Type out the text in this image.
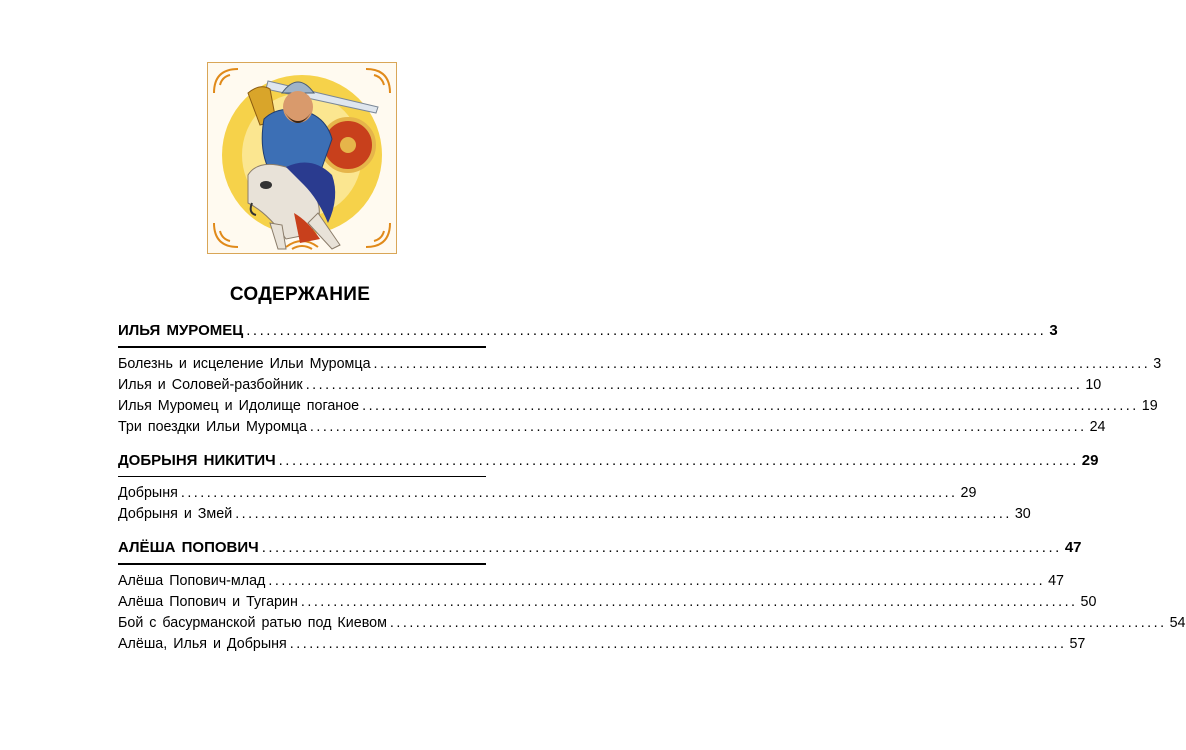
СОДЕРЖАНИЕ
ИЛЬЯ МУРОМЕЦ ........................................................................................................................ 3
Болезнь и исцеление Ильи Муромца ........................................................................................................................ 3
Илья и Соловей-разбойник ........................................................................................................................ 10
Илья Муромец и Идолище поганое ........................................................................................................................ 19
Три поездки Ильи Муромца ........................................................................................................................ 24
ДОБРЫНЯ НИКИТИЧ ........................................................................................................................ 29
Добрыня ........................................................................................................................ 29
Добрыня и Змей ........................................................................................................................ 30
АЛЁША ПОПОВИЧ ........................................................................................................................ 47
Алёша Попович-млад ........................................................................................................................ 47
Алёша Попович и Тугарин ........................................................................................................................ 50
Бой с басурманской ратью под Киевом ........................................................................................................................ 54
Алёша, Илья и Добрыня ........................................................................................................................ 57
